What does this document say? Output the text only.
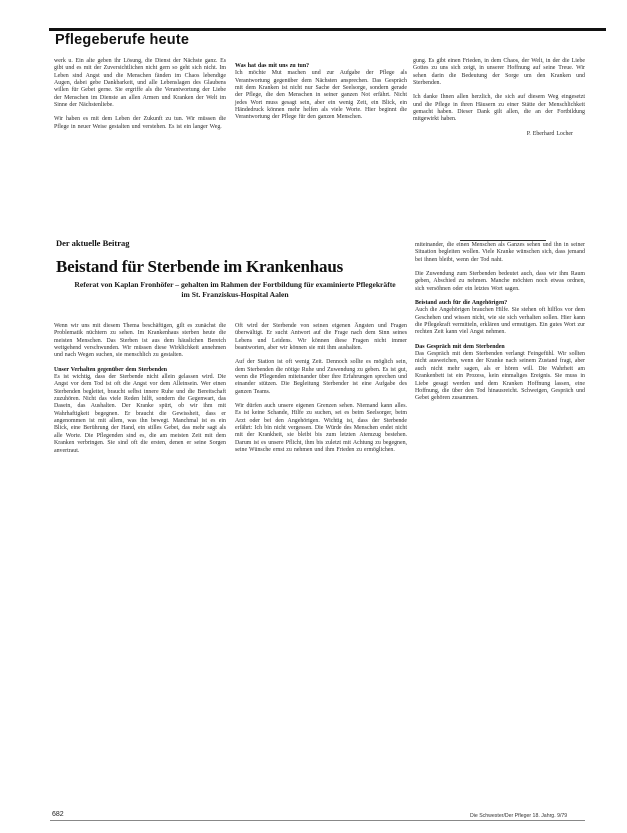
Pflegeberufe heute

werk u. Ein alte geben ihr Lösung, die Dienst der Nächste ganz. Es gibt und es mit der Zuversichtlichen nicht gern so geht sich nicht. Im Leben sind Angst und die Menschen fänden im Chaos lebendige Augen, dabei gebe Dankbarkeit, und alle Lebenslagen des Glaubens willen für Gebet gerne. Sie ergriffe als die Verantwortung der Liebe der Menschen im Dienste an allen Armen und Kranken der Welt im Sinne der Nächstenliebe.

Wir haben es mit dem Leben der Zukunft zu tun. Wir müssen die Pflege in neuer Weise gestalten und verstehen. Es ist ein langer Weg.

Was hat das mit uns zu tun?

Ich möchte Mut machen und zur Aufgabe der Pflege als Verantwortung gegenüber dem Nächsten ansprechen. Das Gespräch mit dem Kranken ist nicht nur Sache der Seelsorge, sondern gerade der Pflege, die den Menschen in seiner ganzen Not erfährt. Nicht jedes Wort muss gesagt sein, aber ein wenig Zeit, ein Blick, ein Händedruck können mehr helfen als viele Worte. Hier beginnt die Verantwortung der Pflege für den ganzen Menschen.

gung. Es gibt einen Frieden, in dem Chaos, der Welt, in der die Liebe Gottes zu uns sich zeigt, in unserer Hoffnung auf seine Treue. Wir sehen darin die Bedeutung der Sorge um den Kranken und Sterbenden.

Ich danke Ihnen allen herzlich, die sich auf diesem Weg eingesetzt und die Pflege in ihren Häusern zu einer Stätte der Menschlichkeit gemacht haben. Dieser Dank gilt allen, die an der Fortbildung mitgewirkt haben.

P. Eberhard Locher

Der aktuelle Beitrag
Beistand für Sterbende im Krankenhaus
Referat von Kaplan Fronhöfer – gehalten im Rahmen der Fortbildung für examinierte Pflegekräfte im St. Franziskus-Hospital Aalen

Wenn wir uns mit diesem Thema beschäftigen, gilt es zunächst die Problematik nüchtern zu sehen. Im Krankenhaus sterben heute die meisten Menschen. Das Sterben ist aus dem häuslichen Bereich weitgehend verschwunden. Wir müssen diese Wirklichkeit annehmen und nach Wegen suchen, sie menschlich zu gestalten.

Unser Verhalten gegenüber dem Sterbenden

Es ist wichtig, dass der Sterbende nicht allein gelassen wird. Die Angst vor dem Tod ist oft die Angst vor dem Alleinsein. Wer einen Sterbenden begleitet, braucht selbst innere Ruhe und die Bereitschaft zuzuhören. Nicht das viele Reden hilft, sondern die Gegenwart, das Dasein, das Aushalten. Der Kranke spürt, ob wir ihm mit Wahrhaftigkeit begegnen. Er braucht die Gewissheit, dass er angenommen ist mit allem, was ihn bewegt. Manchmal ist es ein Blick, eine Berührung der Hand, ein stilles Gebet, das mehr sagt als alle Worte. Die Pflegenden sind es, die am meisten Zeit mit dem Kranken verbringen. Sie sind oft die ersten, denen er seine Sorgen anvertraut.

Oft wird der Sterbende von seinen eigenen Ängsten und Fragen überwältigt. Er sucht Antwort auf die Frage nach dem Sinn seines Lebens und Leidens. Wir können diese Fragen nicht immer beantworten, aber wir können sie mit ihm aushalten.

Auf der Station ist oft wenig Zeit. Dennoch sollte es möglich sein, dem Sterbenden die nötige Ruhe und Zuwendung zu geben. Es ist gut, wenn die Pflegenden miteinander über ihre Erfahrungen sprechen und einander stützen. Die Begleitung Sterbender ist eine Aufgabe des ganzen Teams.

Wir dürfen auch unsere eigenen Grenzen sehen. Niemand kann alles. Es ist keine Schande, Hilfe zu suchen, sei es beim Seelsorger, beim Arzt oder bei den Angehörigen. Wichtig ist, dass der Sterbende erfährt: Ich bin nicht vergessen. Die Würde des Menschen endet nicht mit der Krankheit, sie bleibt bis zum letzten Atemzug bestehen. Darum ist es unsere Pflicht, ihm bis zuletzt mit Achtung zu begegnen, seine Wünsche ernst zu nehmen und ihm Frieden zu ermöglichen.

miteinander, die einen Menschen als Ganzes sehen und ihn in seiner Situation begleiten wollen. Viele Kranke wünschen sich, dass jemand bei ihnen bleibt, wenn der Tod naht.

Die Zuwendung zum Sterbenden bedeutet auch, dass wir ihm Raum geben, Abschied zu nehmen. Manche möchten noch etwas ordnen, sich versöhnen oder ein letztes Wort sagen.

Beistand auch für die Angehörigen?

Auch die Angehörigen brauchen Hilfe. Sie stehen oft hilflos vor dem Geschehen und wissen nicht, wie sie sich verhalten sollen. Hier kann die Pflegekraft vermitteln, erklären und ermutigen. Ein gutes Wort zur rechten Zeit kann viel Angst nehmen.

Das Gespräch mit dem Sterbenden

Das Gespräch mit dem Sterbenden verlangt Feingefühl. Wir sollten nicht ausweichen, wenn der Kranke nach seinem Zustand fragt, aber auch nicht mehr sagen, als er hören will. Die Wahrheit am Krankenbett ist ein Prozess, kein einmaliges Ereignis. Sie muss in Liebe gesagt werden und dem Kranken Hoffnung lassen, eine Hoffnung, die über den Tod hinausreicht. Schweigen, Gespräch und Gebet gehören zusammen.

682	Die Schwester/Der Pfleger 18. Jahrg. 9/79
